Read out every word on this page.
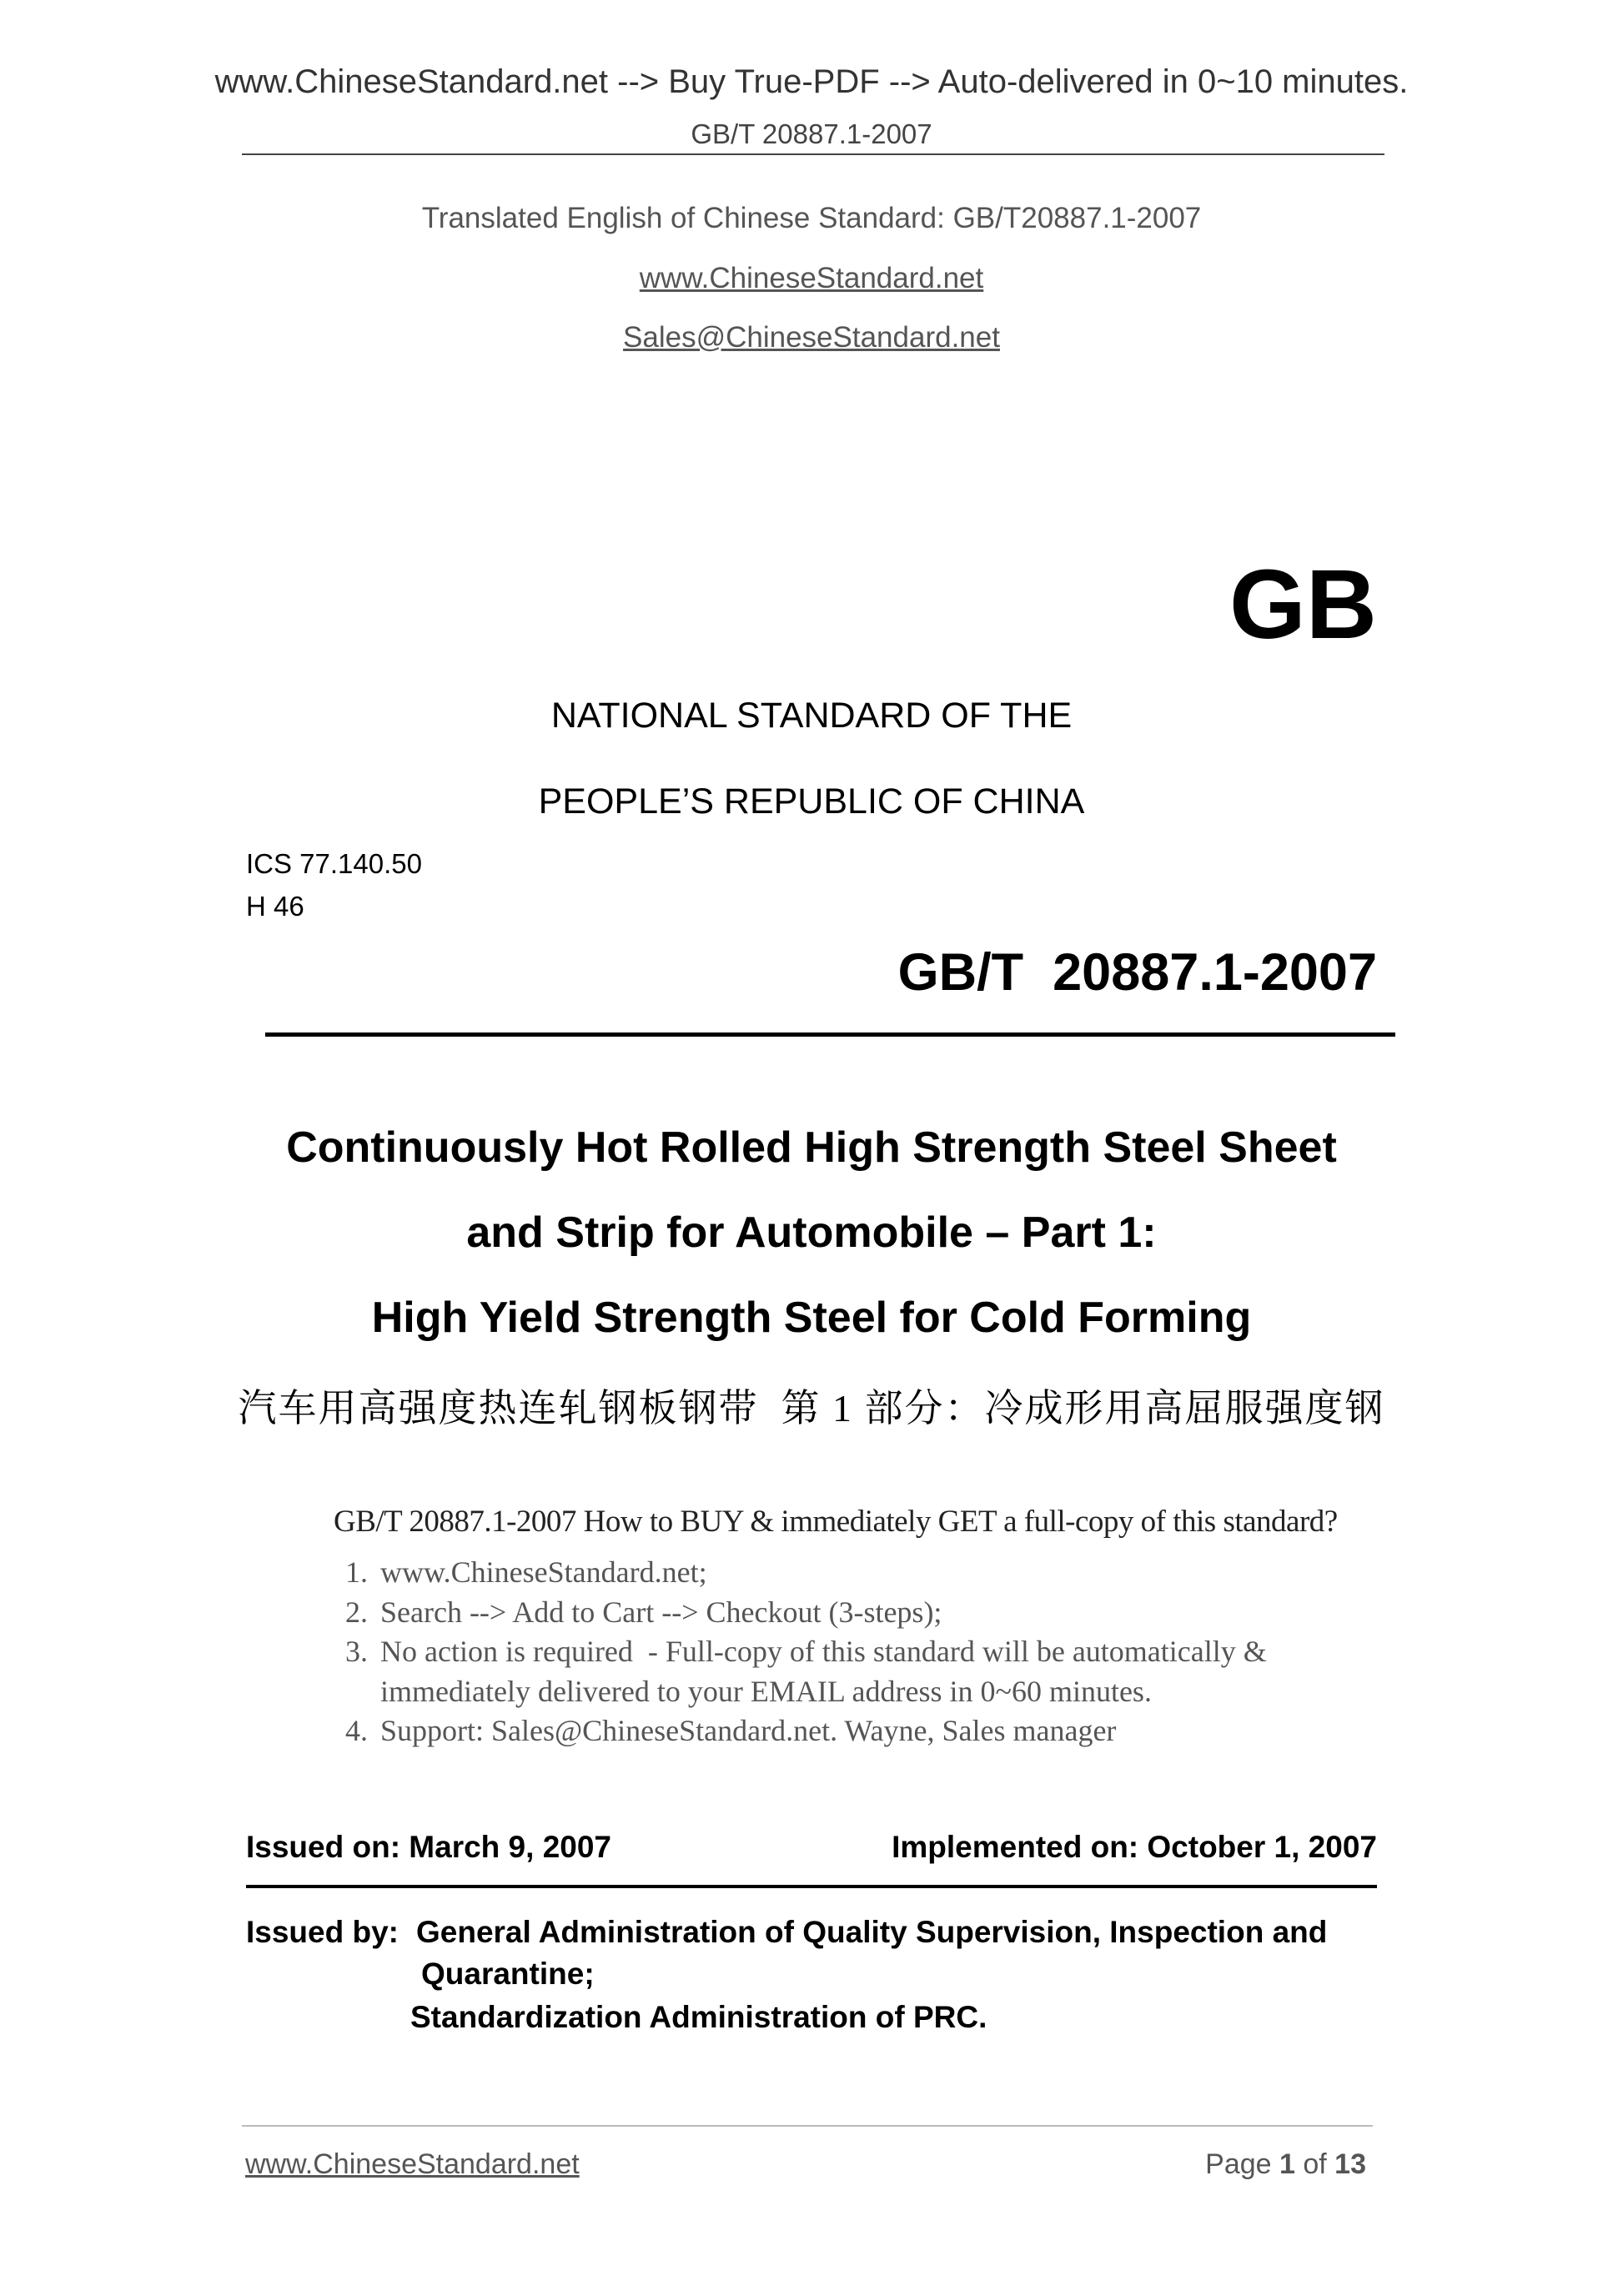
www.ChineseStandard.net --> Buy True-PDF --> Auto-delivered in 0~10 minutes.
GB/T 20887.1-2007
Translated English of Chinese Standard: GB/T20887.1-2007
www.ChineseStandard.net
Sales@ChineseStandard.net
GB
NATIONAL STANDARD OF THE
PEOPLE’S REPUBLIC OF CHINA
ICS 77.140.50
H 46
GB/T  20887.1-2007
Continuously Hot Rolled High Strength Steel Sheet
and Strip for Automobile – Part 1:
High Yield Strength Steel for Cold Forming
汽车用高强度热连轧钢板钢带  第 1 部分：冷成形用高屈服强度钢
GB/T 20887.1-2007 How to BUY & immediately GET a full-copy of this standard?
1. www.ChineseStandard.net;
2. Search --> Add to Cart --> Checkout (3-steps);
3. No action is required  - Full-copy of this standard will be automatically &
immediately delivered to your EMAIL address in 0~60 minutes.
4. Support: Sales@ChineseStandard.net. Wayne, Sales manager
Issued on: March 9, 2007	Implemented on: October 1, 2007
Issued by: General Administration of Quality Supervision, Inspection and
Quarantine;
Standardization Administration of PRC.
www.ChineseStandard.net	Page 1 of 13
